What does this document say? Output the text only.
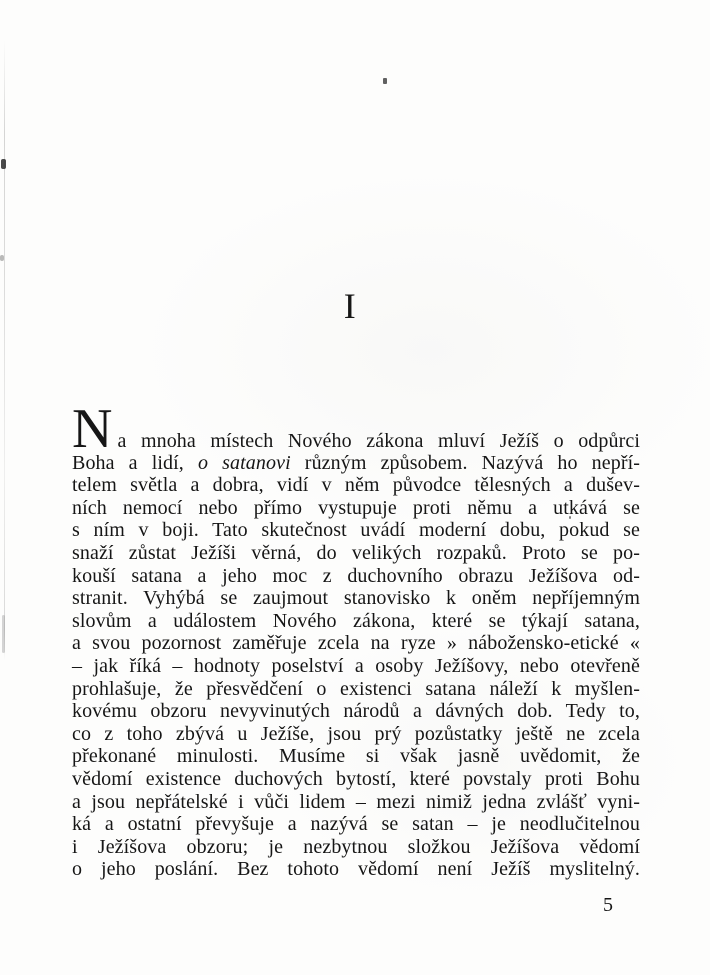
I
Na mnoha místech Nového zákona mluví Ježíš o odpůrci
Boha a lidí, o satanovi různým způsobem. Nazývá ho nepří-
telem světla a dobra, vidí v něm původce tělesných a dušev-
ních nemocí nebo přímo vystupuje proti němu a utkává se
s ním v boji. Tato skutečnost uvádí moderní dobu, pokud se
snaží zůstat Ježíši věrná, do velikých rozpaků. Proto se po-
kouší satana a jeho moc z duchovního obrazu Ježíšova od-
stranit. Vyhýbá se zaujmout stanovisko k oněm nepříjemným
slovům a událostem Nového zákona, které se týkají satana,
a svou pozornost zaměřuje zcela na ryze » nábožensko-etické «
– jak říká – hodnoty poselství a osoby Ježíšovy, nebo otevřeně
prohlašuje, že přesvědčení o existenci satana náleží k myšlen-
kovému obzoru nevyvinutých národů a dávných dob. Tedy to,
co z toho zbývá u Ježíše, jsou prý pozůstatky ještě ne zcela
překonané minulosti. Musíme si však jasně uvědomit, že
vědomí existence duchových bytostí, které povstaly proti Bohu
a jsou nepřátelské i vůči lidem – mezi nimiž jedna zvlášť vyni-
ká a ostatní převyšuje a nazývá se satan – je neodlučitelnou
i Ježíšova obzoru; je nezbytnou složkou Ježíšova vědomí
o jeho poslání. Bez tohoto vědomí není Ježíš myslitelný.
5
